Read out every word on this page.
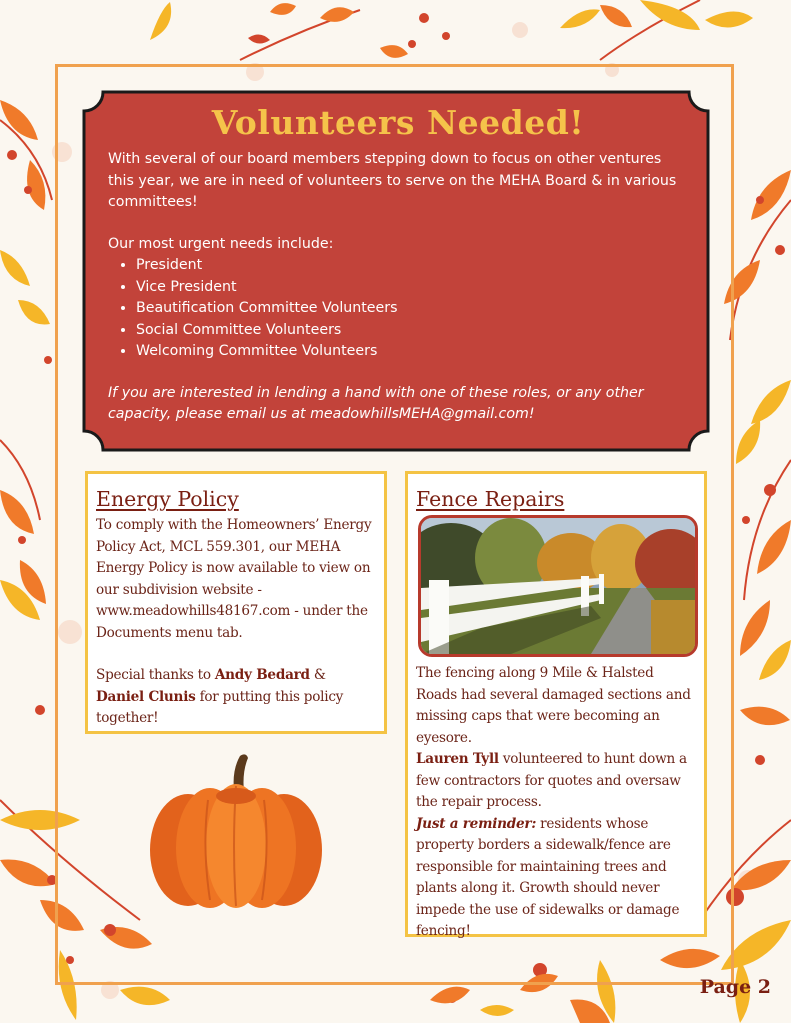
Volunteers Needed!

With several of our board members stepping down to focus on other ventures this year, we are in need of volunteers to serve on the MEHA Board & in various committees!

Our most urgent needs include:

• President
• Vice President
• Beautification Committee Volunteers
• Social Committee Volunteers
• Welcoming Committee Volunteers

If you are interested in lending a hand with one of these roles, or any other capacity, please email us at meadowhillsMEHA@gmail.com!

Energy Policy

To comply with the Homeowners’ Energy Policy Act, MCL 559.301, our MEHA Energy Policy is now available to view on our subdivision website - www.meadowhills48167.com - under the Documents menu tab.

Special thanks to Andy Bedard & Daniel Clunis for putting this policy together!

Fence Repairs

The fencing along 9 Mile & Halsted Roads had several damaged sections and missing caps that were becoming an eyesore.
Lauren Tyll volunteered to hunt down a few contractors for quotes and oversaw the repair process.
Just a reminder: residents whose property borders a sidewalk/fence are responsible for maintaining trees and plants along it. Growth should never impede the use of sidewalks or damage fencing!

Page 2
